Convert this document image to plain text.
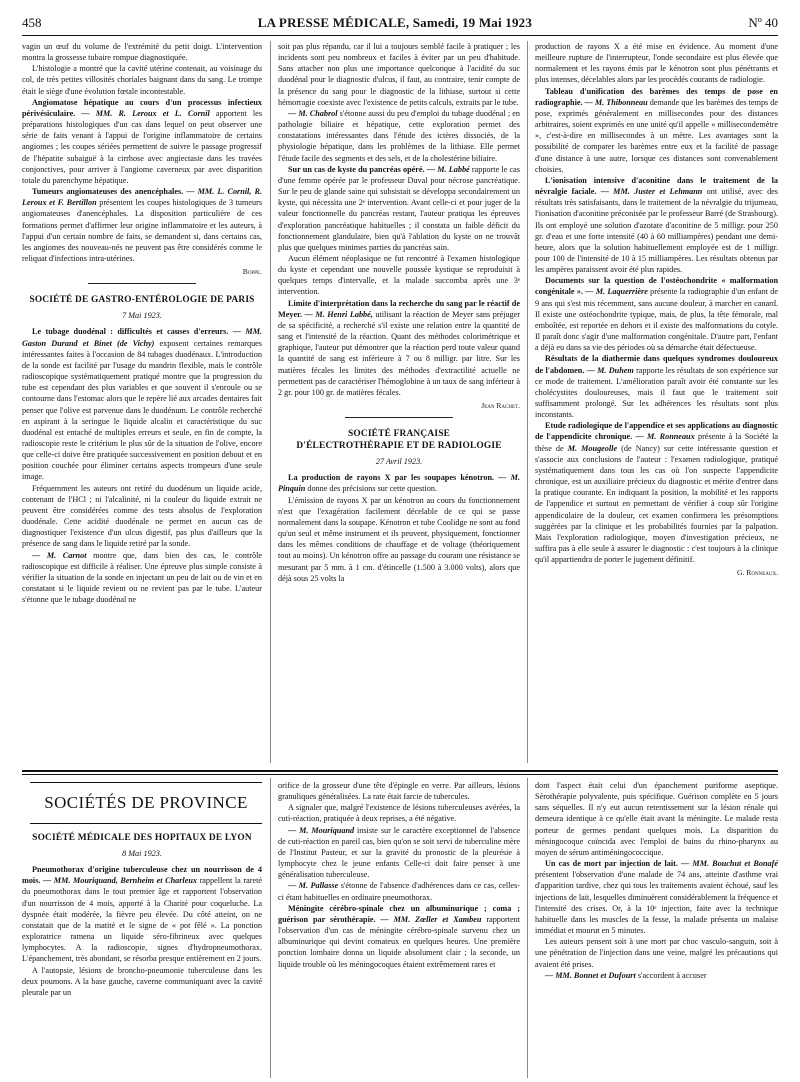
458	LA PRESSE MÉDICALE, Samedi, 19 Mai 1923	Nº 40

vagin un œuf du volume de l'extrémité du petit doigt. L'intervention montra la grossesse tubaire rompue diagnostiquée.

L'histologie a montré que la cavité utérine contenait, au voisinage du col, de très petites villosités choriales baignant dans du sang. Le trompe était le siège d'une évolution fœtale incontestable.

Angiomatose hépatique au cours d'un processus infectieux périvésiculaire. — MM. R. Leroux et L. Cornil apportent les préparations histologiques d'un cas dans lequel on peut observer une série de faits venant à l'appui de l'origine inflammatoire de certains angiomes ; les coupes sériées permettent de suivre le passage progressif de l'hépatite subaiguë à la cirrhose avec angiectasie dans les travées conjonctives, pour arriver à l'angiome caverneux par avec disparition totale du parenchyme hépatique.

Tumeurs angiomateuses des anencéphales. — MM. L. Cornil, R. Leroux et F. Bertillon présentent les coupes histologiques de 3 tumeurs angiomateuses d'anencéphales. La disposition particulière de ces formations permet d'affirmer leur origine inflammatoire et les auteurs, à l'appui d'un certain nombre de faits, se demandent si, dans certains cas, les angiomes des nouveau-nés ne peuvent pas être considérés comme le reliquat d'infections intra-utérines.

Boppe.
SOCIÉTÉ DE GASTRO-ENTÉROLOGIE DE PARIS
7 Mai 1923.

Le tubage duodénal : difficultés et causes d'erreurs. — MM. Gaston Durand et Binet (de Vichy) exposent certaines remarques intéressantes faites à l'occasion de 84 tubages duodénaux. L'introduction de la sonde est facilité par l'usage du mandrin flexible, mais le contrôle radioscopique systématiquement pratiqué montre que la progression du tube est cependant des plus variables et que souvent il s'enroule ou se contourne dans l'estomac alors que le repère lié aux arcades dentaires fait penser que l'olive est parvenue dans le duodénum. Le contrôle recherché en aspirant à la seringue le liquide alcalin et caractéristique du suc duodénal est entaché de multiples erreurs et seule, en fin de compte, la radioscopie reste le critérium le plus sûr de la situation de l'olive, encore que celle-ci doive être pratiquée successivement en position debout et en position couchée pour éliminer certains aspects trompeurs d'une seule image.

Fréquemment les auteurs ont retiré du duodénum un liquide acide, contenant de l'HCl ; ni l'alcalinité, ni la couleur du liquide extrait ne peuvent être considérées comme des tests absolus de l'exploration duodénale. Cette acidité duodénale ne permet en aucun cas de diagnostiquer l'existence d'un ulcus digestif, pas plus d'ailleurs que la présence de sang dans le liquide retiré par la sonde.

— M. Carnot montre que, dans bien des cas, le contrôle radioscopique est difficile à réaliser. Une épreuve plus simple consiste à vérifier la situation de la sonde en injectant un peu de lait ou de vin et en constatant si le liquide revient ou ne revient pas par le tube. L'auteur s'étonne que le tubage duodénal ne

soit pas plus répandu, car il lui a toujours semblé facile à pratiquer ; les incidents sont peu nombreux et faciles à éviter par un peu d'habitude. Sans attacher non plus une importance quelconque à l'acidité du suc duodénal pour le diagnostic d'ulcus, il faut, au contraire, tenir compte de la présence du sang pour le diagnostic de la lithiase, surtout si cette hémorragie coexiste avec l'existence de petits calculs, extraits par le tube.

— M. Chabrol s'étonne aussi du peu d'emploi du tubage duodénal ; en pathologie biliaire et hépatique, cette exploration permet des constatations intéressantes dans l'étude des ictères dissociés, de la physiologie hépatique, dans les problèmes de la lithiase. Elle permet l'étude facile des segments et des sels, et de la cholestérine biliaire.

Sur un cas de kyste du pancréas opéré. — M. Labbé rapporte le cas d'une femme opérée par le professeur Duval pour nécrose pancréatique. Sur le peu de glande saine qui subsistait se développa secondairement un kyste, qui nécessita une 2ᵉ intervention. Avant celle-ci et pour juger de la valeur fonctionnelle du pancréas restant, l'auteur pratiqua les épreuves d'exploration pancréatique habituelles ; il constata un faible déficit du fonctionnement glandulaire, bien qu'à l'ablation du kyste on ne trouvât plus que quelques minimes parties du pancréas sain.

Aucun élément néoplasique ne fut rencontré à l'examen histologique du kyste et cependant une nouvelle poussée kystique se reproduisit à quelques temps d'intervalle, et la malade succomba après une 3ᵉ intervention.

Limite d'interprétation dans la recherche du sang par le réactif de Meyer. — M. Henri Labbé, utilisant la réaction de Meyer sans préjuger de sa spécificité, a recherché s'il existe une relation entre la quantité de sang et l'intensité de la réaction. Quant des méthodes colorimétrique et graphique, l'auteur put démontrer que la réaction perd toute valeur quand la quantité de sang est inférieure à 7 ou 8 milligr. par litre. Sur les matières fécales les limites des méthodes d'extractilité actuelle ne permettent pas de caractériser l'hémoglobine à un taux de sang inférieur à 2 gr. pour 100 gr. de matières fécales.

Jean Rachet.
SOCIÉTÉ FRANÇAISE
D'ÉLECTROTHÉRAPIE ET DE RADIOLOGIE
27 Avril 1923.

La production de rayons X par les soupapes kénotron. — M. Pinquin donne des précisions sur cette question.

L'émission de rayons X par un kénotron au cours du fonctionnement n'est que l'exagération facilement décelable de ce qui se passe normalement dans la soupape. Kénotron et tube Coolidge ne sont au fond qu'un seul et même instrument et ils peuvent, physiquement, fonctionner dans les mêmes conditions de chauffage et de voltage (théoriquement tout au moins). Un kénotron offre au passage du courant une résistance se mesurant par 5 mm. à 1 cm. d'étincelle (1.500 à 3.000 volts), alors que déjà sous 25 volts la

production de rayons X a été mise en évidence. Au moment d'une meilleure rupture de l'interrupteur, l'onde secondaire est plus élevée que normalement et les rayons émis par le kénotron sont plus pénétrants et plus intenses, décelables alors par les procédés courants de radiologie.

Tableau d'unification des barèmes des temps de pose en radiographie. — M. Thibonneau demande que les barèmes des temps de pose, exprimés généralement en millisecondes pour des distances arbitraires, soient exprimés en une unité qu'il appelle « millisecondemètre », c'est-à-dire en millisecondes à un mètre. Les avantages sont la possibilité de comparer les barèmes entre eux et la facilité de passage d'une distance à une autre, lorsque ces distances sont convenablement choisies.

L'ionisation intensive d'aconitine dans le traitement de la névralgie faciale. — MM. Juster et Lehmann ont utilisé, avec des résultats très satisfaisants, dans le traitement de la névralgie du trijumeau, l'ionisation d'aconitine préconisée par le professeur Barré (de Strasbourg). Ils ont employé une solution d'azotate d'aconitine de 5 milligr. pour 250 gr. d'eau et une forte intensité (40 à 60 milliampères) pendant une demi-heure, alors que la solution habituellement employée est de 1 milligr. pour 100 de l'intensité de 10 à 15 milliampères. Les résultats obtenus par les ampères paraissent avoir été plus rapides.

Documents sur la question de l'ostéochondrite « malformation congénitale ». — M. Laquerrière présente la radiographie d'un enfant de 9 ans qui s'est mis récemment, sans aucune douleur, à marcher en canard. Il existe une ostéochondrite typique, mais, de plus, la tête fémorale, mal emboîtée, est reportée en dehors et il existe des malformations du cotyle. Il paraît donc s'agir d'une malformation congénitale. D'autre part, l'enfant a déjà eu dans sa vie des périodes où sa démarche était défectueuse.

Résultats de la diathermie dans quelques syndromes douloureux de l'abdomen. — M. Duhem rapporte les résultats de son expérience sur ce mode de traitement. L'amélioration paraît avoir été constante sur les cholécystites douloureuses, mais il faut que le traitement soit suffisamment prolongé. Sur les adhérences les résultats sont plus inconstants.

Etude radiologique de l'appendice et ses applications au diagnostic de l'appendicite chronique. — M. Ronneaux présente à la Société la thèse de M. Mougeolle (de Nancy) sur cette intéressante question et s'associe aux conclusions de l'auteur : l'examen radiologique, pratiqué systématiquement dans tous les cas où l'on suspecte l'appendicite chronique, est un auxiliaire précieux du diagnostic et mérite d'entrer dans la pratique courante. En indiquant la position, la mobilité et les rapports de l'appendice et surtout en permettant de vérifier à coup sûr l'origine appendiculaire de la douleur, cet examen confirmera les présomptions suggérées par la clinique et les probabilités fournies par la palpation. Mais l'exploration radiologique, moyen d'investigation précieux, ne suffira pas à elle seule à assurer le diagnostic : c'est toujours à la clinique qu'il appartiendra de porter le jugement définitif.

G. Ronneaux.
SOCIÉTÉS DE PROVINCE
SOCIÉTÉ MÉDICALE DES HOPITAUX DE LYON
8 Mai 1923.

Pneumothorax d'origine tuberculeuse chez un nourrisson de 4 mois. — MM. Mouriquand, Bernheim et Charleux rappellent la rareté du pneumothorax dans le tout premier âge et rapportent l'observation d'un nourrisson de 4 mois, apporté à la Charité pour coqueluche. La dyspnée était modérée, la fièvre peu élevée. Du côté atteint, on ne constatait que de la matité et le signe de « pot fêlé ». La ponction exploratrice ramena un liquide séro-fibrineux avec quelques lymphocytes. A la radioscopie, signes d'hydropneumothorax. L'épanchement, très abondant, se résorba presque entièrement en 2 jours.

A l'autopsie, lésions de broncho-pneumonie tuberculeuse dans les deux poumons. A la base gauche, caverne communiquant avec la cavité pleurale par un

orifice de la grosseur d'une tête d'épingle en verre. Par ailleurs, lésions granuliques généralisées. La rate était farcie de tubercules.

A signaler que, malgré l'existence de lésions tuberculeuses avérées, la cuti-réaction, pratiquée à deux reprises, a été négative.

— M. Mouriquand insiste sur le caractère exceptionnel de l'absence de cuti-réaction en pareil cas, bien qu'on se soit servi de tuberculine mère de l'Institut Pasteur, et sur la gravité du pronostic de la pleurésie à lymphocyte chez le jeune enfants Celle-ci doit faire penser à une généralisation tuberculeuse.

— M. Pallasse s'étonne de l'absence d'adhérences dans ce cas, celles-ci étant habituelles en ordinaire pneumothorax.

Méningite cérébro-spinale chez un albuminurique ; coma ; guérison par sérothérapie. — MM. Zœller et Xambeu rapportent l'observation d'un cas de méningite cérébro-spinale survenu chez un albuminurique qui devint comateux en quelques heures. Une première ponction lombaire donna un liquide absolument clair ; la seconde, un liquide trouble où les méningocoques étaient extrêmement rares et

dont l'aspect était celui d'un épanchement puriforme aseptique. Sérothérapie polyvalente, puis spécifique. Guérison complète en 5 jours sans séquelles. Il n'y eut aucun retentissement sur la lésion rénale qui demeura identique à ce qu'elle était avant la méningite. Le malade resta porteur de germes pendant quelques mois. La disparition du méningocoque coïncida avec l'emploi de bains du rhino-pharynx au moyen de sérum antiméningococcique.

Un cas de mort par injection de lait. — MM. Bouchut et Bonafé présentent l'observation d'une malade de 74 ans, atteinte d'asthme vrai d'apparition tardive, chez qui tous les traitements avaient échoué, sauf les injections de lait, lesquelles diminuèrent considérablement la fréquence et l'intensité des crises. Or, à la 10ᵉ injection, faite avec la technique habituelle dans les muscles de la fesse, la malade présenta un malaise immédiat et mourut en 5 minutes.

Les auteurs pensent soit à une mort par choc vasculo-sanguin, soit à une pénétration de l'injection dans une veine, malgré les précautions qui avaient été prises.

— MM. Bonnet et Dufourt s'accordent à accuser
